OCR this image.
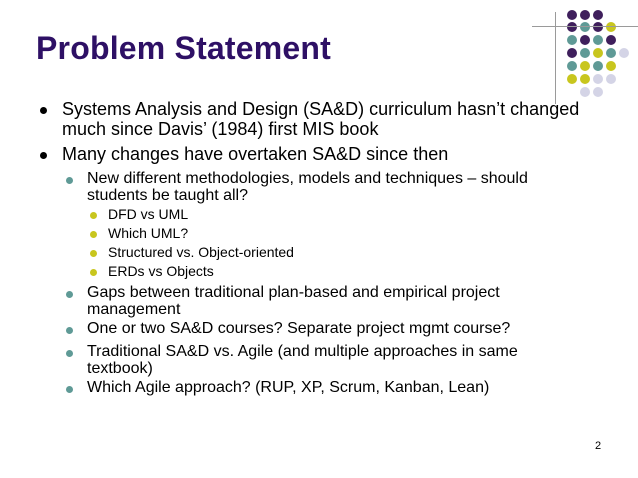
Problem Statement
Systems Analysis and Design (SA&D) curriculum hasn’t changed much since Davis’ (1984) first MIS book
Many changes have overtaken SA&D since then
New different methodologies, models and techniques – should students be taught all?
DFD vs UML
Which UML?
Structured vs. Object-oriented
ERDs vs Objects
Gaps between traditional plan-based and empirical project management
One or two SA&D courses? Separate project mgmt course?
Traditional SA&D vs. Agile (and multiple approaches in same textbook)
Which Agile approach? (RUP, XP, Scrum, Kanban, Lean)
2
